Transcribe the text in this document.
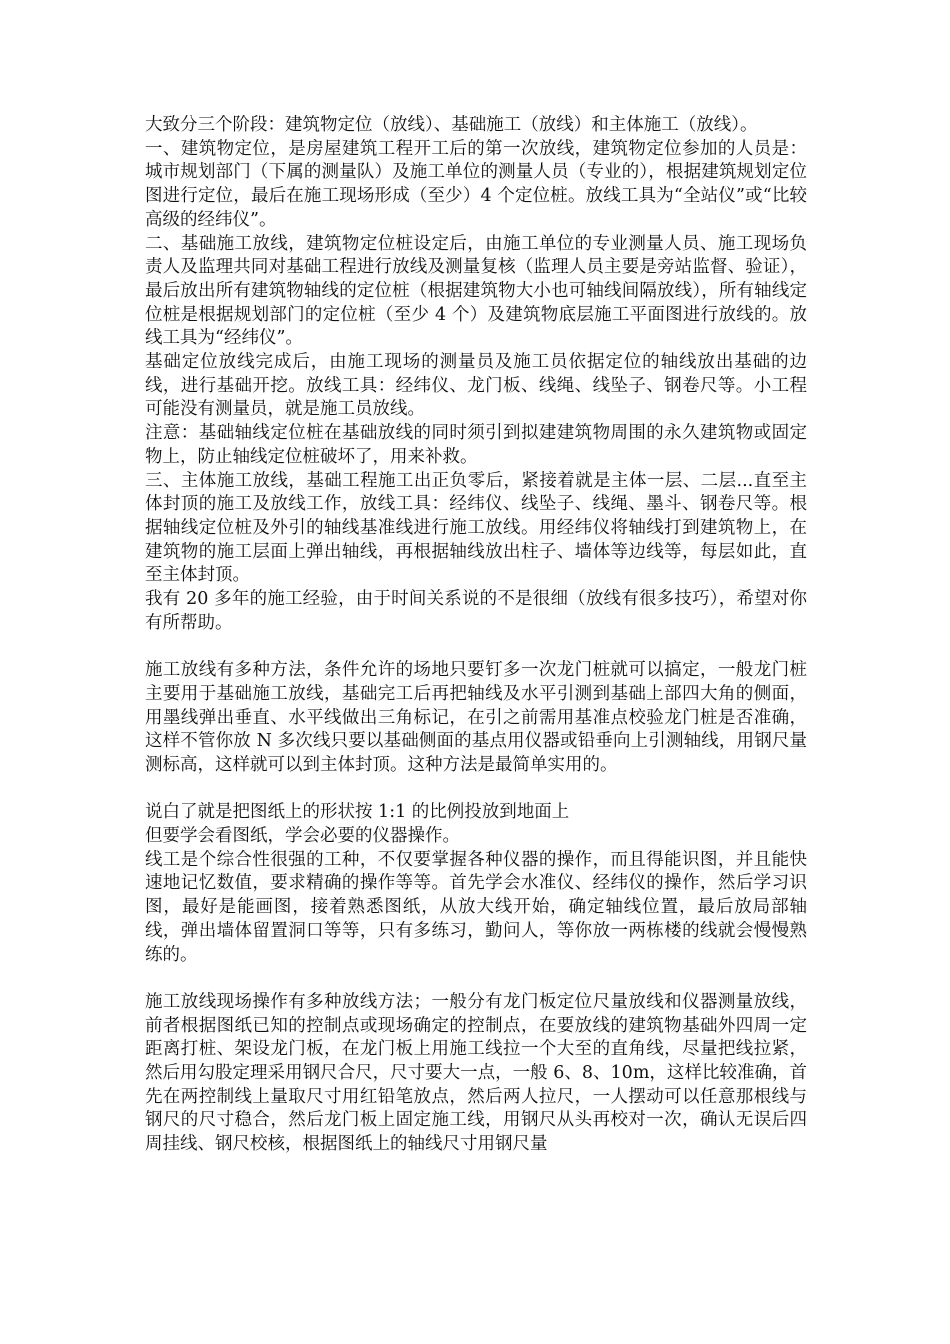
大致分三个阶段：建筑物定位（放线）、基础施工（放线）和主体施工（放线）。

一、建筑物定位，是房屋建筑工程开工后的第一次放线，建筑物定位参加的人员是：城市规划部门（下属的测量队）及施工单位的测量人员（专业的），根据建筑规划定位图进行定位，最后在施工现场形成（至少）4 个定位桩。放线工具为“全站仪”或“比较高级的经纬仪”。

二、基础施工放线，建筑物定位桩设定后，由施工单位的专业测量人员、施工现场负责人及监理共同对基础工程进行放线及测量复核（监理人员主要是旁站监督、验证），最后放出所有建筑物轴线的定位桩（根据建筑物大小也可轴线间隔放线），所有轴线定位桩是根据规划部门的定位桩（至少 4 个）及建筑物底层施工平面图进行放线的。放线工具为“经纬仪”。

基础定位放线完成后，由施工现场的测量员及施工员依据定位的轴线放出基础的边线，进行基础开挖。放线工具：经纬仪、龙门板、线绳、线坠子、钢卷尺等。小工程可能没有测量员，就是施工员放线。

注意：基础轴线定位桩在基础放线的同时须引到拟建建筑物周围的永久建筑物或固定物上，防止轴线定位桩破坏了，用来补救。

三、主体施工放线，基础工程施工出正负零后，紧接着就是主体一层、二层...直至主体封顶的施工及放线工作，放线工具：经纬仪、线坠子、线绳、墨斗、钢卷尺等。根据轴线定位桩及外引的轴线基准线进行施工放线。用经纬仪将轴线打到建筑物上，在建筑物的施工层面上弹出轴线，再根据轴线放出柱子、墙体等边线等，每层如此，直至主体封顶。

我有 20 多年的施工经验，由于时间关系说的不是很细（放线有很多技巧），希望对你有所帮助。

施工放线有多种方法，条件允许的场地只要钉多一次龙门桩就可以搞定，一般龙门桩主要用于基础施工放线，基础完工后再把轴线及水平引测到基础上部四大角的侧面，用墨线弹出垂直、水平线做出三角标记，在引之前需用基准点校验龙门桩是否准确，这样不管你放 N 多次线只要以基础侧面的基点用仪器或铅垂向上引测轴线，用钢尺量测标高，这样就可以到主体封顶。这种方法是最简单实用的。

说白了就是把图纸上的形状按 1:1 的比例投放到地面上

但要学会看图纸，学会必要的仪器操作。

线工是个综合性很强的工种，不仅要掌握各种仪器的操作，而且得能识图，并且能快速地记忆数值，要求精确的操作等等。首先学会水准仪、经纬仪的操作，然后学习识图，最好是能画图，接着熟悉图纸，从放大线开始，确定轴线位置，最后放局部轴线，弹出墙体留置洞口等等，只有多练习，勤问人，等你放一两栋楼的线就会慢慢熟练的。

施工放线现场操作有多种放线方法；一般分有龙门板定位尺量放线和仪器测量放线，前者根据图纸已知的控制点或现场确定的控制点，在要放线的建筑物基础外四周一定距离打桩、架设龙门板，在龙门板上用施工线拉一个大至的直角线，尽量把线拉紧，然后用勾股定理采用钢尺合尺，尺寸要大一点，一般 6、8、10m，这样比较准确，首先在两控制线上量取尺寸用红铅笔放点，然后两人拉尺，一人摆动可以任意那根线与钢尺的尺寸稳合，然后龙门板上固定施工线，用钢尺从头再校对一次，确认无误后四周挂线、钢尺校核，根据图纸上的轴线尺寸用钢尺量
